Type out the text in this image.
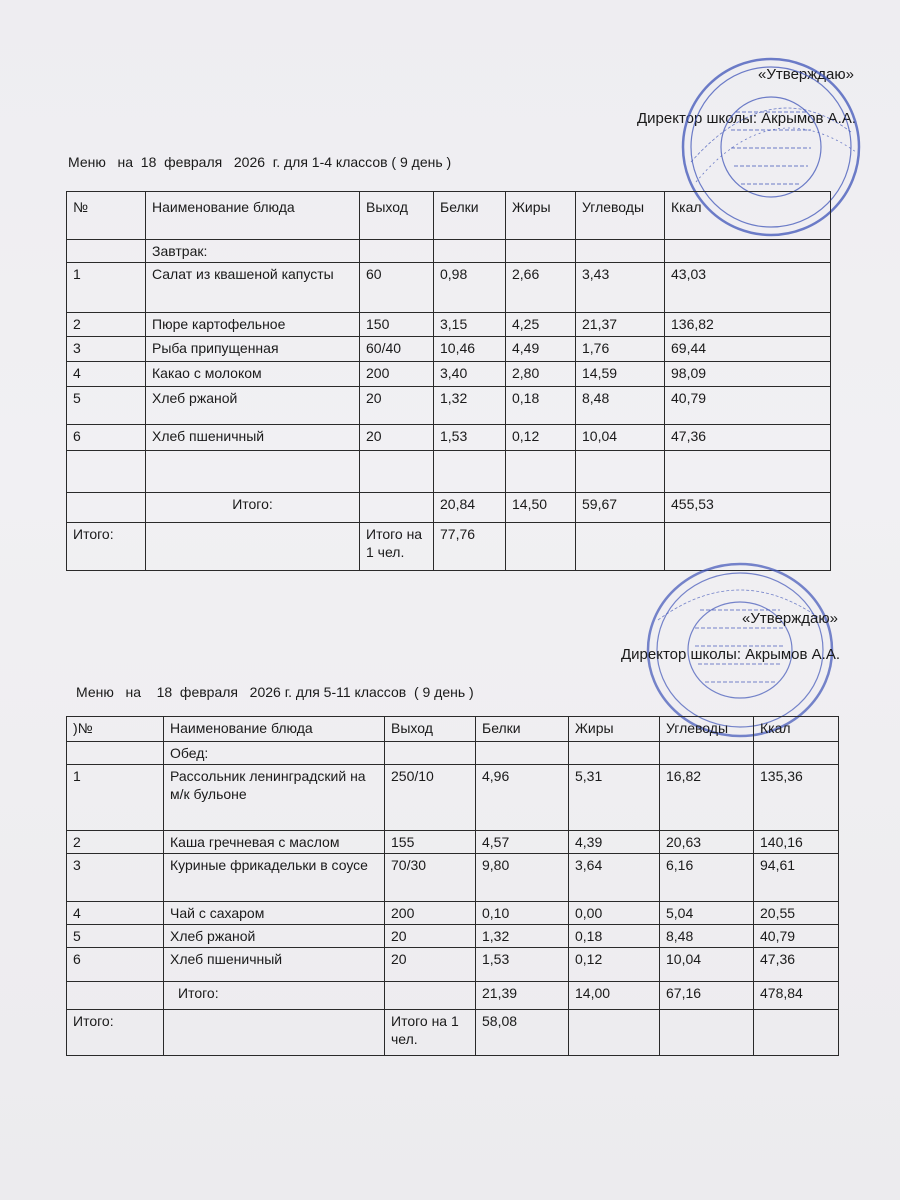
«Утверждаю»
Директор школы: Акрымов А.А.
Меню   на  18  февраля   2026  г. для 1-4 классов ( 9 день )
№	Наименование блюда	Выход	Белки	Жиры	Углеводы	Ккал
	Завтрак:					
1	Салат из квашеной капусты	60	0,98	2,66	3,43	43,03
2	Пюре картофельное	150	3,15	4,25	21,37	136,82
3	Рыба припущенная	60/40	10,46	4,49	1,76	69,44
4	Какао с молоком	200	3,40	2,80	14,59	98,09
5	Хлеб ржаной	20	1,32	0,18	8,48	40,79
6	Хлеб пшеничный	20	1,53	0,12	10,04	47,36

	Итого:		20,84	14,50	59,67	455,53
Итого:		Итого на 1 чел.	77,76			
«Утверждаю»
Директор школы: Акрымов А.А.
Меню   на    18  февраля   2026 г. для 5-11 классов  ( 9 день )
)№	Наименование блюда	Выход	Белки	Жиры	Углеводы	Ккал
	Обед:					
1	Рассольник ленинградский на м/к бульоне	250/10	4,96	5,31	16,82	135,36
2	Каша гречневая с маслом	155	4,57	4,39	20,63	140,16
3	Куриные фрикадельки в соусе	70/30	9,80	3,64	6,16	94,61
4	Чай с сахаром	200	0,10	0,00	5,04	20,55
5	Хлеб ржаной	20	1,32	0,18	8,48	40,79
6	Хлеб пшеничный	20	1,53	0,12	10,04	47,36
	Итого:		21,39	14,00	67,16	478,84
Итого:		Итого на 1 чел.	58,08			
